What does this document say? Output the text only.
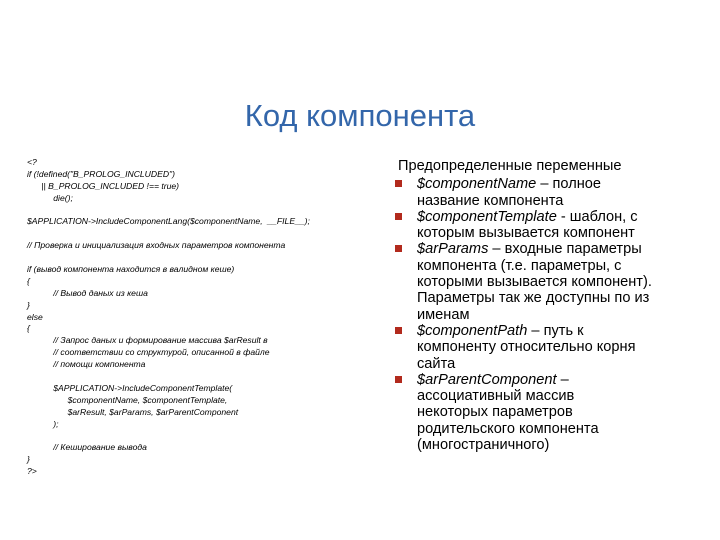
Код компонента
<?
if (!defined("B_PROLOG_INCLUDED")
|| B_PROLOG_INCLUDED !== true)
die();
$APPLICATION->IncludeComponentLang($componentName,  __FILE__);
// Проверка и инициализация входных параметров компонента
if (вывод компонента находится в валидном кеше)
{
// Вывод даных из кеша
}
else
{
// Запрос даных и формирование массива $arResult в
// соответствии со структурой, описанной в файле
// помощи компонента
$APPLICATION->IncludeComponentTemplate(
$componentName, $componentTemplate,
$arResult, $arParams, $arParentComponent
);
// Кеширование вывода
}
?>
Предопределенные переменные
$componentName – полное
название компонента
$componentTemplate - шаблон, с
которым вызывается компонент
$arParams – входные параметры
компонента (т.е. параметры, с
которыми вызывается компонент).
Параметры так же доступны по из
именам
$componentPath – путь к
компоненту относительно корня
сайта
$arParentComponent –
ассоциативный массив
некоторых параметров
родительского компонента
(многостраничного)
